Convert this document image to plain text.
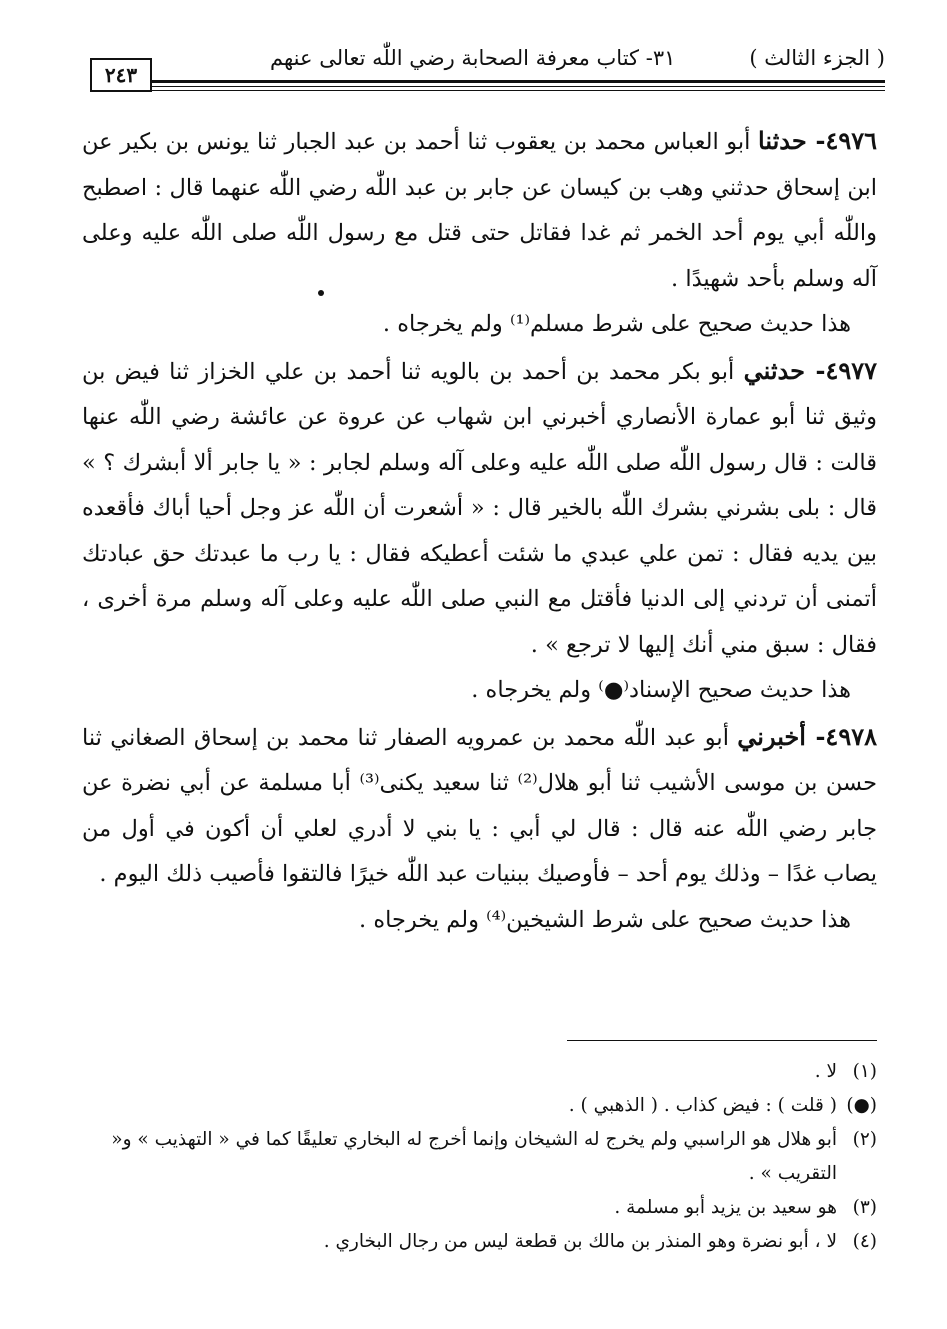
٢٤٣
( الجزء الثالث )
٣١- كتاب معرفة الصحابة رضي اللّٰه تعالى عنهم

٤٩٧٦- حدثنا أبو العباس محمد بن يعقوب ثنا أحمد بن عبد الجبار ثنا يونس بن بكير عن ابن إسحاق حدثني وهب بن كيسان عن جابر بن عبد اللّٰه رضي اللّٰه عنهما قال : اصطبح واللّٰه أبي يوم أحد الخمر ثم غدا فقاتل حتى قتل مع رسول اللّٰه صلى اللّٰه عليه وعلى آله وسلم بأحد شهيدًا .

هذا حديث صحيح على شرط مسلم⁽¹⁾ ولم يخرجاه .

٤٩٧٧- حدثني أبو بكر محمد بن أحمد بن بالويه ثنا أحمد بن علي الخزاز ثنا فيض بن وثيق ثنا أبو عمارة الأنصاري أخبرني ابن شهاب عن عروة عن عائشة رضي اللّٰه عنها قالت : قال رسول اللّٰه صلى اللّٰه عليه وعلى آله وسلم لجابر : « يا جابر ألا أبشرك ؟ » قال : بلى بشرني بشرك اللّٰه بالخير قال : « أشعرت أن اللّٰه عز وجل أحيا أباك فأقعده بين يديه فقال : تمن علي عبدي ما شئت أعطيكه فقال : يا رب ما عبدتك حق عبادتك أتمنى أن تردني إلى الدنيا فأقتل مع النبي صلى اللّٰه عليه وعلى آله وسلم مرة أخرى ، فقال : سبق مني أنك إليها لا ترجع » .

هذا حديث صحيح الإسناد⁽●⁾ ولم يخرجاه .

٤٩٧٨- أخبرني أبو عبد اللّٰه محمد بن عمرويه الصفار ثنا محمد بن إسحاق الصغاني ثنا حسن بن موسى الأشيب ثنا أبو هلال⁽²⁾ ثنا سعيد يكنى⁽³⁾ أبا مسلمة عن أبي نضرة عن جابر رضي اللّٰه عنه قال : قال لي أبي : يا بني لا أدري لعلي أن أكون في أول من يصاب غدًا – وذلك يوم أحد – فأوصيك ببنيات عبد اللّٰه خيرًا فالتقوا فأصيب ذلك اليوم .

هذا حديث صحيح على شرط الشيخين⁽⁴⁾ ولم يخرجاه .

(١)
لا .
(●)
( قلت ) : فيض كذاب . ( الذهبي ) .
(٢)
أبو هلال هو الراسبي ولم يخرج له الشيخان وإنما أخرج له البخاري تعليقًا كما في « التهذيب » و« التقريب » .
(٣)
هو سعيد بن يزيد أبو مسلمة .
(٤)
لا ، أبو نضرة وهو المنذر بن مالك بن قطعة ليس من رجال البخاري .
